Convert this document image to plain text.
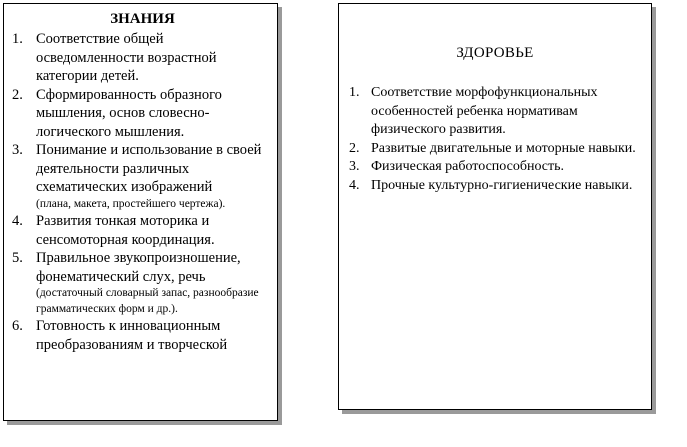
ЗНАНИЯ
1. Соответствие общей осведомленности возрастной категории детей.
2. Сформированность образного мышления, основ словесно-логического мышления.
3. Понимание и использование в своей деятельности различных схематических изображений
(плана, макета, простейшего чертежа).
4. Развития тонкая моторика и сенсомоторная координация.
5. Правильное звукопроизношение, фонематический слух, речь
(достаточный словарный запас, разнообразие грамматических форм и др.).
6. Готовность к инновационным преобразованиям и творческой
ЗДОРОВЬЕ
1. Соответствие морфофункциональных особенностей ребенка нормативам физического развития.
2. Развитые двигательные и моторные навыки.
3. Физическая работоспособность.
4. Прочные культурно-гигиенические навыки.
